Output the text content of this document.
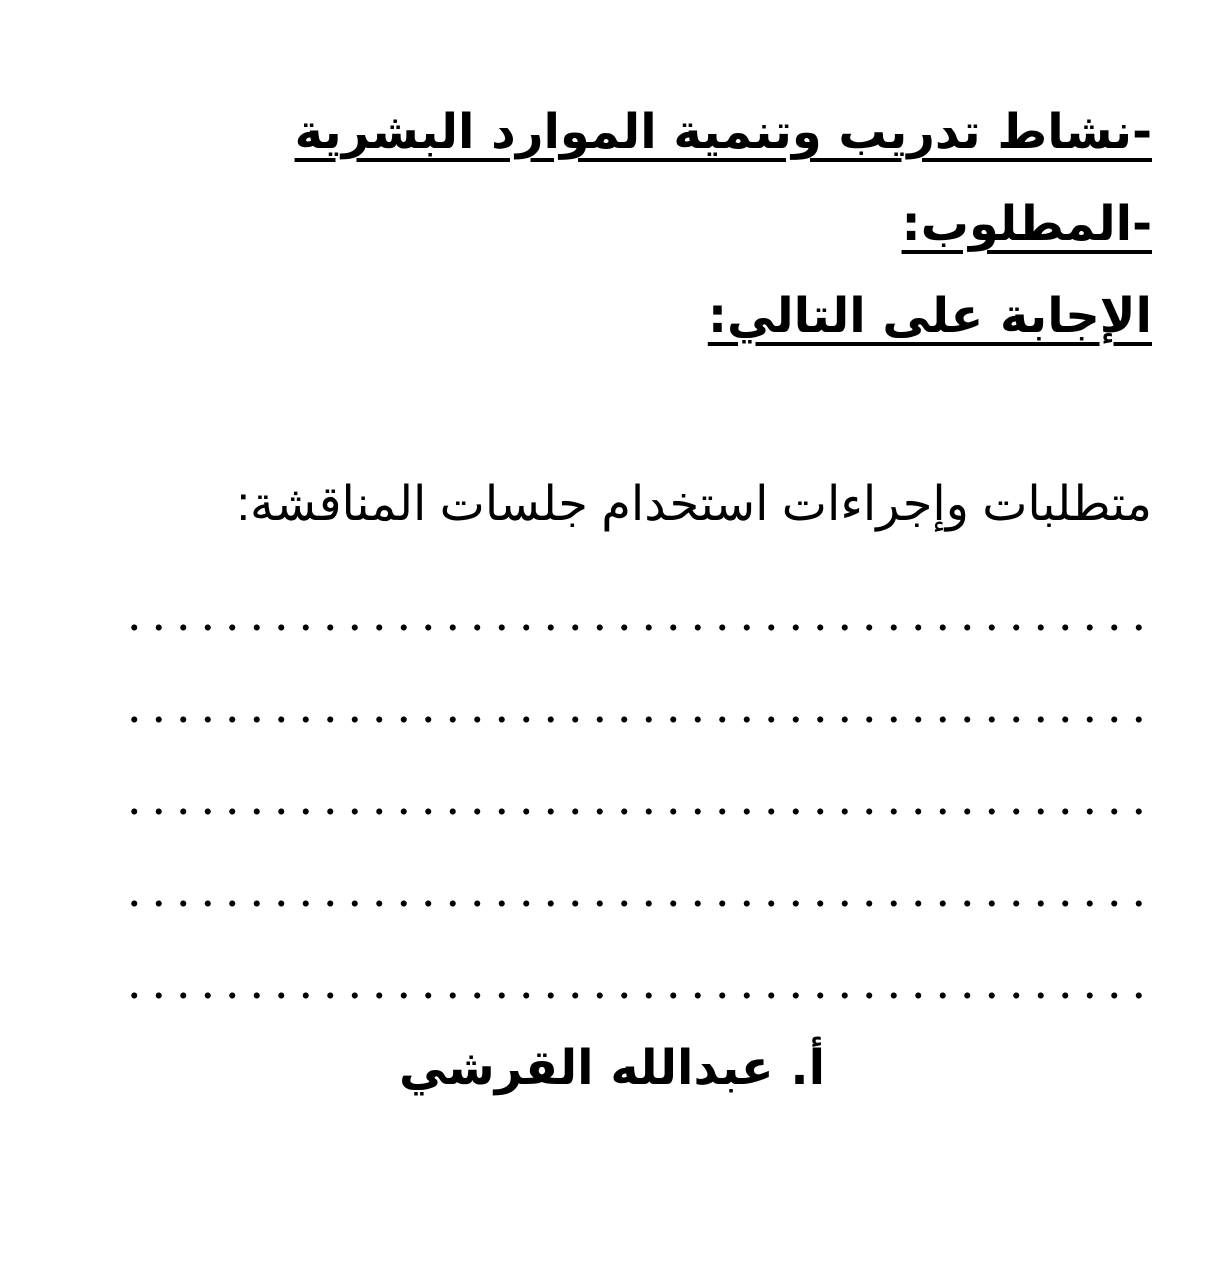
-نشاط تدريب وتنمية الموارد البشرية

-المطلوب:

الإجابة على التالي:

متطلبات وإجراءات استخدام جلسات المناقشة:

أ. عبدالله القرشي
